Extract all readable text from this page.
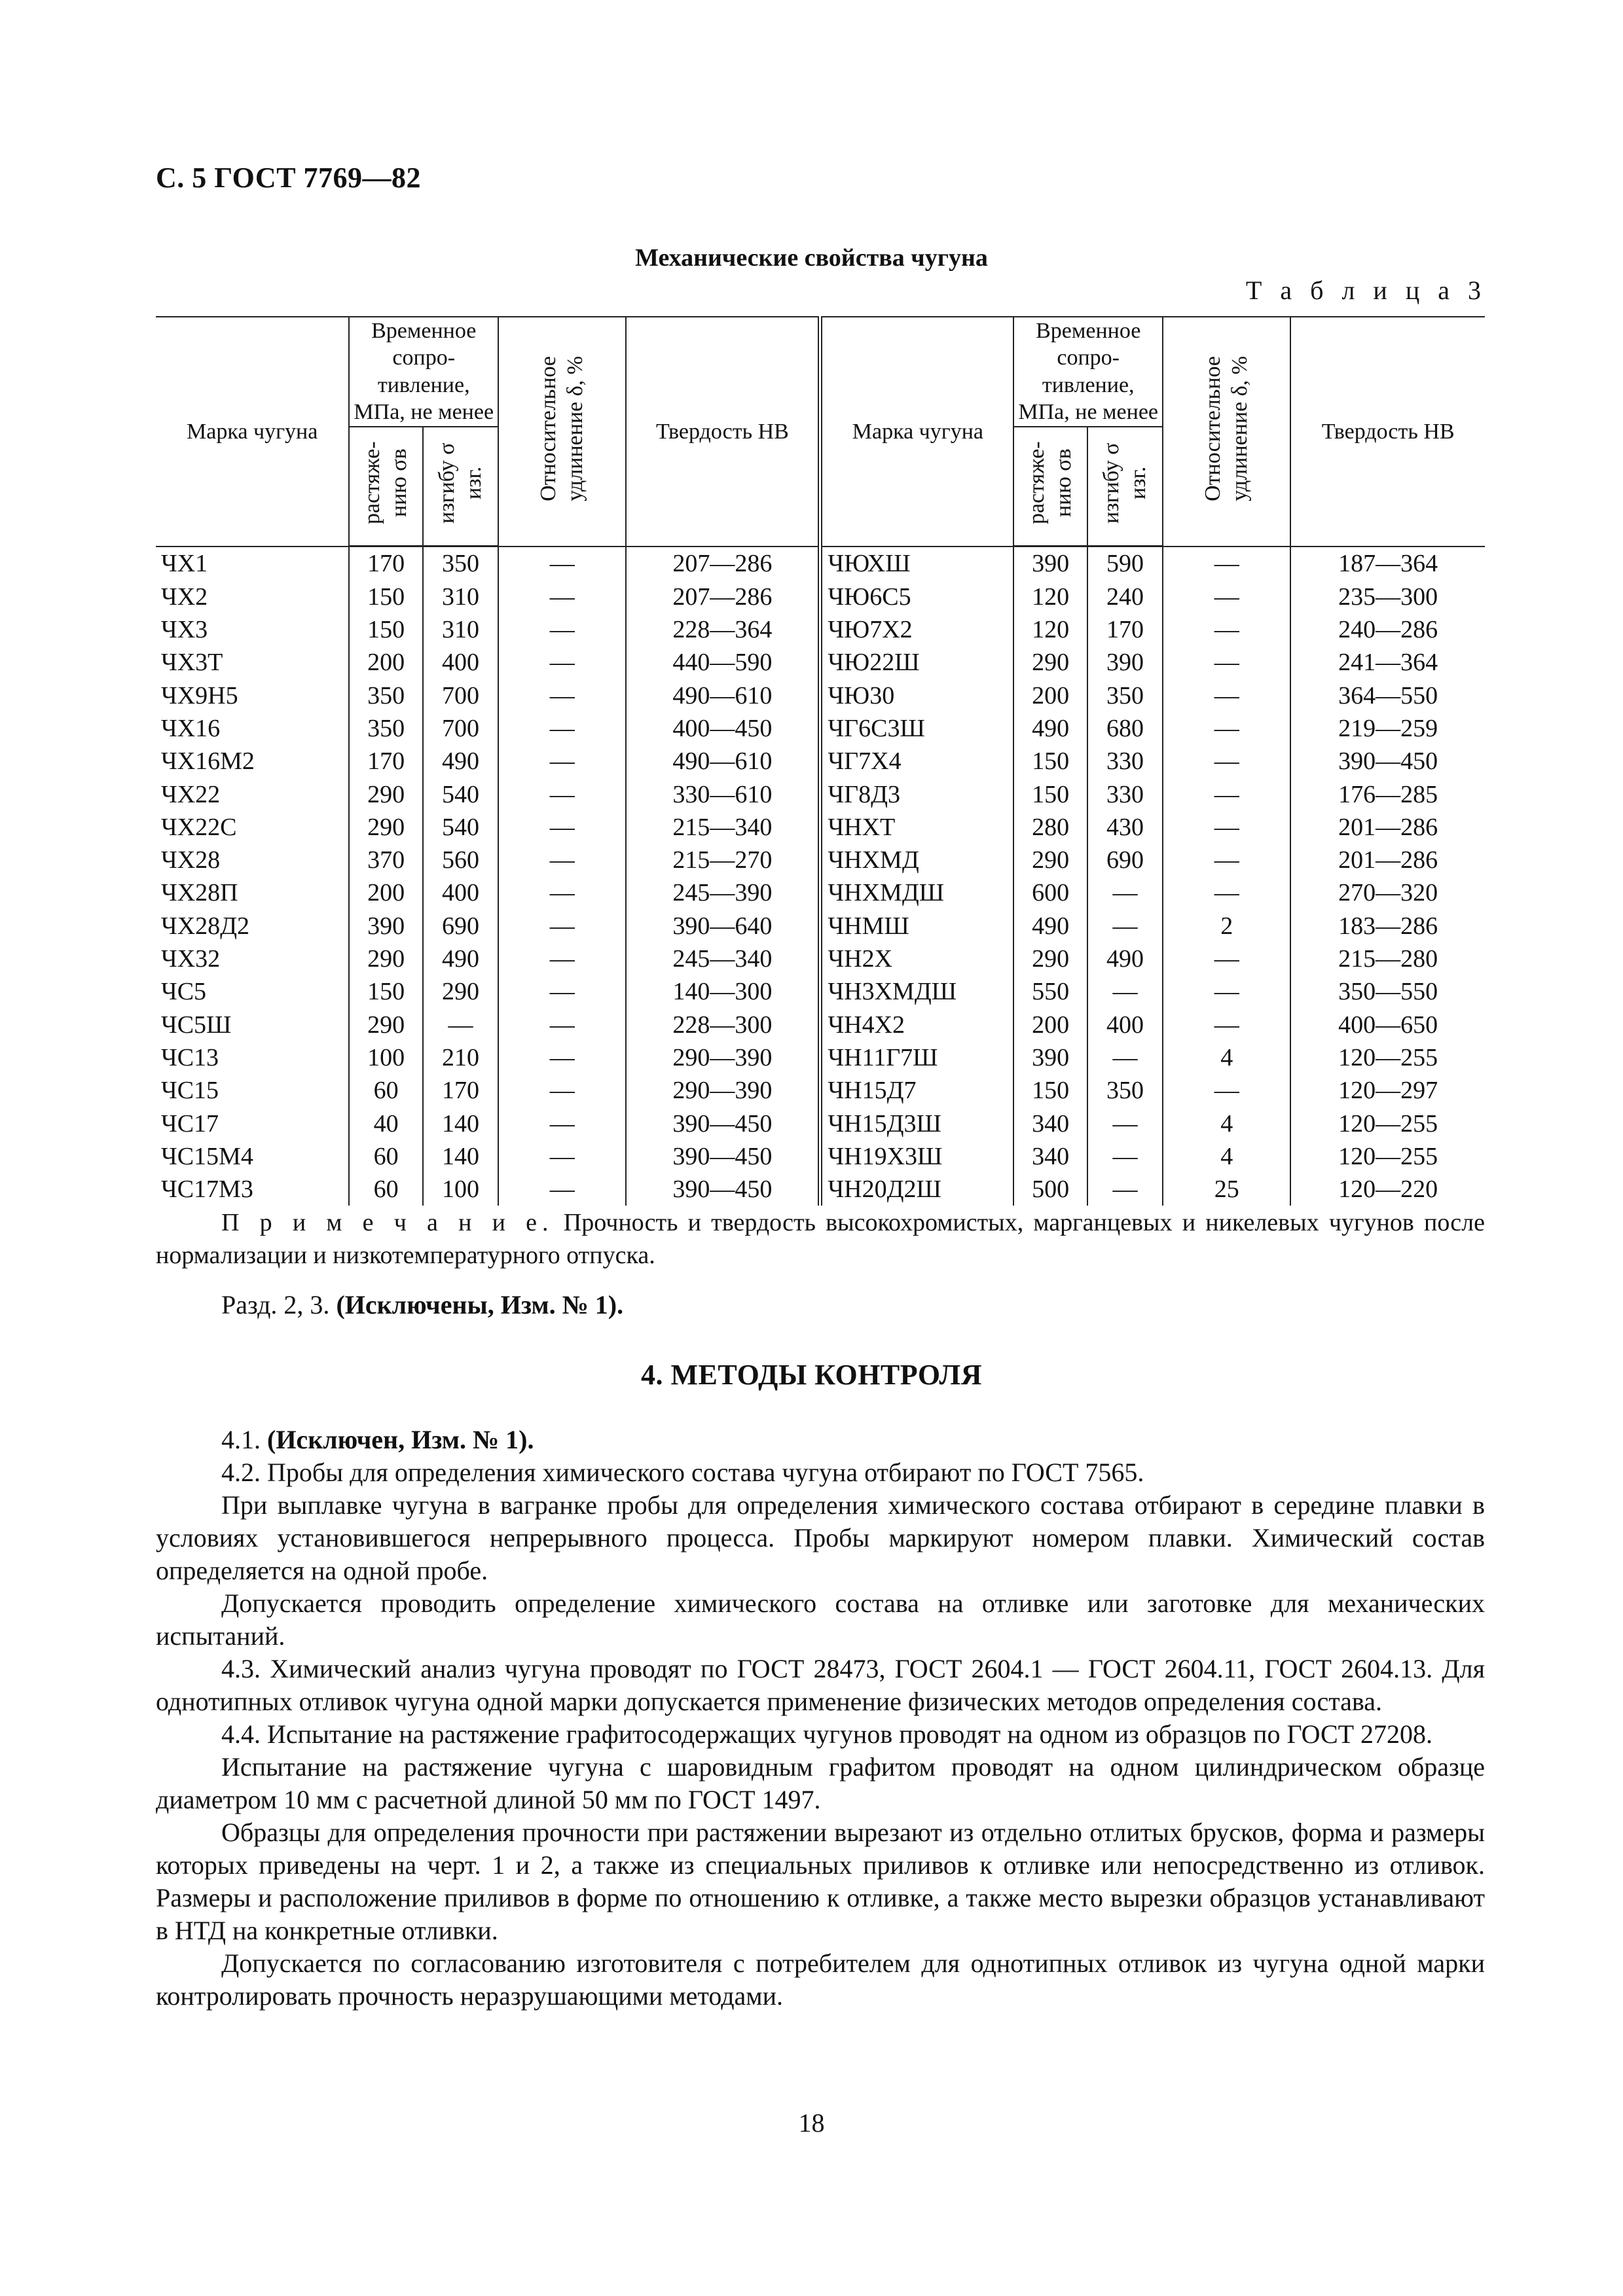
С. 5 ГОСТ 7769—82
Механические свойства чугуна
Т а б л и ц а 3
Марка чугуна	Временное сопро-тивление, МПа, не менее		Относительное удлинение δ, %	Твердость НВ	Марка чугуна	Временное сопро-тивление, МПа, не менее		Относительное удлинение δ, %	Твердость НВ
	растяже-нию σв	изгибу σ изг.				растяже-нию σв	изгибу σ изг.		
ЧХ1	170	350	—	207—286	ЧЮХШ	390	590	—	187—364
ЧХ2	150	310	—	207—286	ЧЮ6С5	120	240	—	235—300
ЧХ3	150	310	—	228—364	ЧЮ7Х2	120	170	—	240—286
ЧХ3Т	200	400	—	440—590	ЧЮ22Ш	290	390	—	241—364
ЧХ9Н5	350	700	—	490—610	ЧЮ30	200	350	—	364—550
ЧХ16	350	700	—	400—450	ЧГ6С3Ш	490	680	—	219—259
ЧХ16М2	170	490	—	490—610	ЧГ7Х4	150	330	—	390—450
ЧХ22	290	540	—	330—610	ЧГ8Д3	150	330	—	176—285
ЧХ22С	290	540	—	215—340	ЧНХТ	280	430	—	201—286
ЧХ28	370	560	—	215—270	ЧНХМД	290	690	—	201—286
ЧХ28П	200	400	—	245—390	ЧНХМДШ	600	—	—	270—320
ЧХ28Д2	390	690	—	390—640	ЧНМШ	490	—	2	183—286
ЧХ32	290	490	—	245—340	ЧН2Х	290	490	—	215—280
ЧС5	150	290	—	140—300	ЧН3ХМДШ	550	—	—	350—550
ЧС5Ш	290	—	—	228—300	ЧН4Х2	200	400	—	400—650
ЧС13	100	210	—	290—390	ЧН11Г7Ш	390	—	4	120—255
ЧС15	60	170	—	290—390	ЧН15Д7	150	350	—	120—297
ЧС17	40	140	—	390—450	ЧН15Д3Ш	340	—	4	120—255
ЧС15М4	60	140	—	390—450	ЧН19Х3Ш	340	—	4	120—255
ЧС17М3	60	100	—	390—450	ЧН20Д2Ш	500	—	25	120—220
П р и м е ч а н и е. Прочность и твердость высокохромистых, марганцевых и никелевых чугунов после нормализации и низкотемпературного отпуска.
Разд. 2, 3. (Исключены, Изм. № 1).
4. МЕТОДЫ КОНТРОЛЯ

4.1. (Исключен, Изм. № 1).

4.2. Пробы для определения химического состава чугуна отбирают по ГОСТ 7565.

При выплавке чугуна в вагранке пробы для определения химического состава отбирают в середине плавки в условиях установившегося непрерывного процесса. Пробы маркируют номером плавки. Химический состав определяется на одной пробе.

Допускается проводить определение химического состава на отливке или заготовке для механических испытаний.

4.3. Химический анализ чугуна проводят по ГОСТ 28473, ГОСТ 2604.1 — ГОСТ 2604.11, ГОСТ 2604.13. Для однотипных отливок чугуна одной марки допускается применение физических методов определения состава.

4.4. Испытание на растяжение графитосодержащих чугунов проводят на одном из образцов по ГОСТ 27208.

Испытание на растяжение чугуна с шаровидным графитом проводят на одном цилиндрическом образце диаметром 10 мм с расчетной длиной 50 мм по ГОСТ 1497.

Образцы для определения прочности при растяжении вырезают из отдельно отлитых брусков, форма и размеры которых приведены на черт. 1 и 2, а также из специальных приливов к отливке или непосредственно из отливок. Размеры и расположение приливов в форме по отношению к отливке, а также место вырезки образцов устанавливают в НТД на конкретные отливки.

Допускается по согласованию изготовителя с потребителем для однотипных отливок из чугуна одной марки контролировать прочность неразрушающими методами.

18
